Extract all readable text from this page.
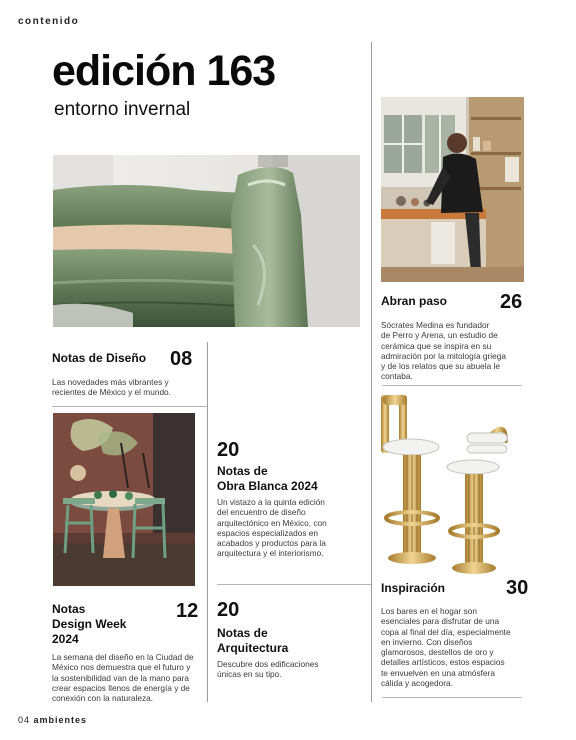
contenido
edición 163
entorno invernal
Notas de Diseño 08
Las novedades más vibrantes y
recientes de México y el mundo.
Abran paso	26
Sócrates Medina es fundador
de Perro y Arena, un estudio de
cerámica que se inspira en su
admiración por la mitología griega
y de los relatos que su abuela le
contaba.
20
Notas de
Obra Blanca 2024
Un vistazo a la quinta edición
del encuentro de diseño
arquitectónico en México, con
espacios especializados en
acabados y productos para la
arquitectura y el interiorismo.
Notas
Design Week
2024
12
La semana del diseño en la Ciudad de
México nos demuestra que el futuro y
la sostenibilidad van de la mano para
crear espacios llenos de energía y de
conexión con la naturaleza.
20
Notas de
Arquitectura
Descubre dos edificaciones
únicas en su tipo.
Inspiración	30
Los bares en el hogar son
esenciales para disfrutar de una
copa al final del día, especialmente
en invierno. Con diseños
glamorosos, destellos de oro y
detalles artísticos, estos espacios
te envuelven en una atmósfera
cálida y acogedora.
04 ambientes
